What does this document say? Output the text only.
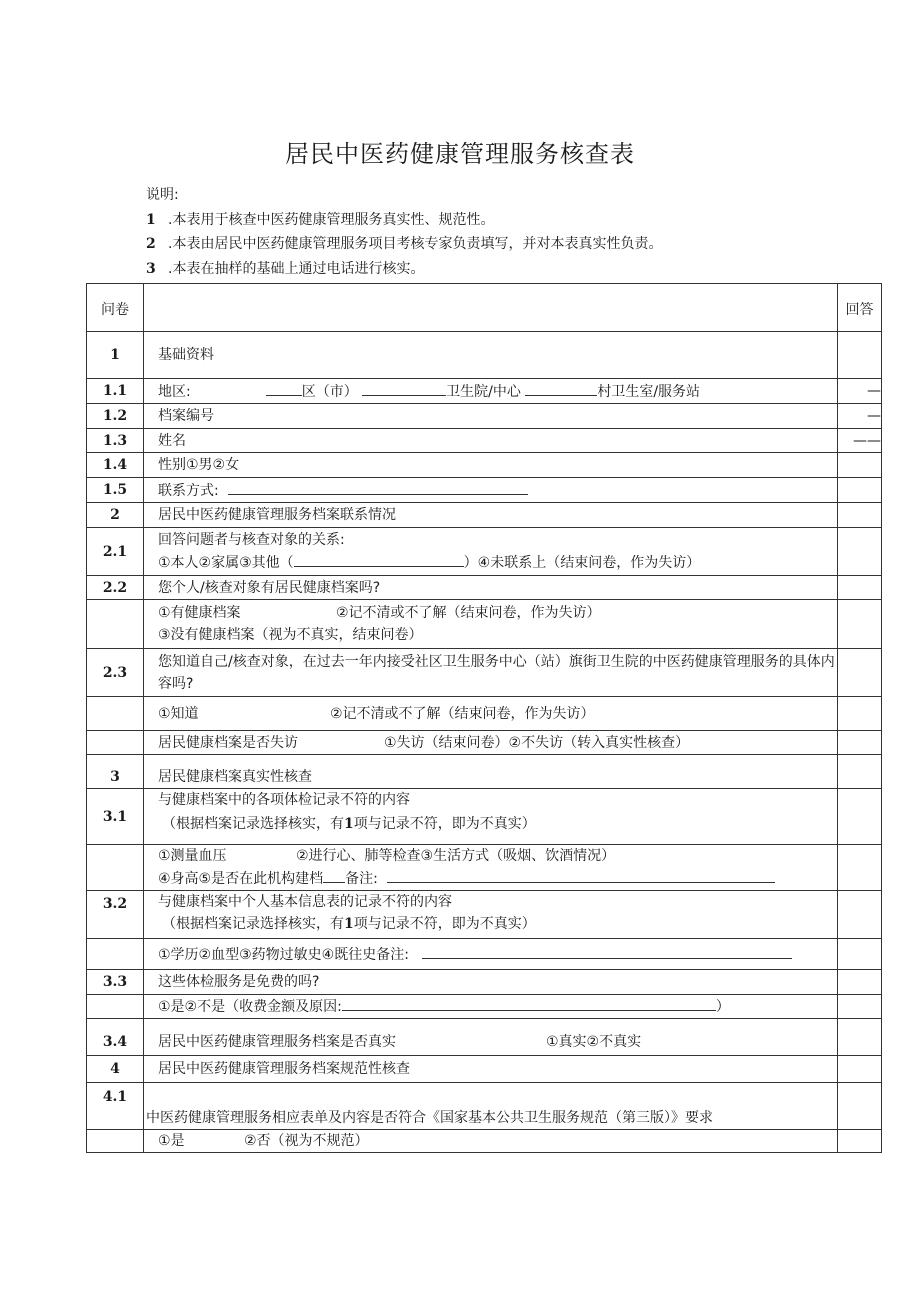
居民中医药健康管理服务核查表
说明:
1 .本表用于核查中医药健康管理服务真实性、规范性。
2 .本表由居民中医药健康管理服务项目考核专家负责填写，并对本表真实性负责。
3 .本表在抽样的基础上通过电话进行核实。
问卷		回答
1	基础资料	
1.1	地区: 区（市） 卫生院/中心 村卫生室/服务站	—
1.2	档案编号	—
1.3	姓名	——
1.4	性别①男②女	
1.5	联系方式:	
2	居民中医药健康管理服务档案联系情况	
2.1	回答问题者与核查对象的关系:
①本人②家属③其他（ ）④未联系上（结束问卷，作为失访）	

2.2	您个人/核查对象有居民健康档案吗?	

	①有健康档案 ②记不清或不了解（结束问卷，作为失访）
③没有健康档案（视为不真实，结束问卷）	

2.3	您知道自己/核查对象，在过去一年内接受社区卫生服务中心（站）旗街卫生院的中医药健康管理服务的具体内容吗?	
	①知道 ②记不清或不了解（结束问卷，作为失访）	
	居民健康档案是否失访 ①失访（结束问卷）②不失访（转入真实性核查）	
3	居民健康档案真实性核查	
3.1	与健康档案中的各项体检记录不符的内容
（根据档案记录选择核实，有1项与记录不符，即为不真实）	

	①测量血压 ②进行心、肺等检查③生活方式（吸烟、饮酒情况）
④身高⑤是否在此机构建档 备注:	

3.2	与健康档案中个人基本信息表的记录不符的内容
（根据档案记录选择核实，有1项与记录不符，即为不真实）	

	①学历②血型③药物过敏史④既往史备注:	
3.3	这些体检服务是免费的吗?	
	①是②不是（收费金额及原因: ）	
3.4	居民中医药健康管理服务档案是否真实 ①真实②不真实	
4	居民中医药健康管理服务档案规范性核查	
4.1	中医药健康管理服务相应表单及内容是否符合《国家基本公共卫生服务规范（第三版）》要求	
	①是 ②否（视为不规范）	
